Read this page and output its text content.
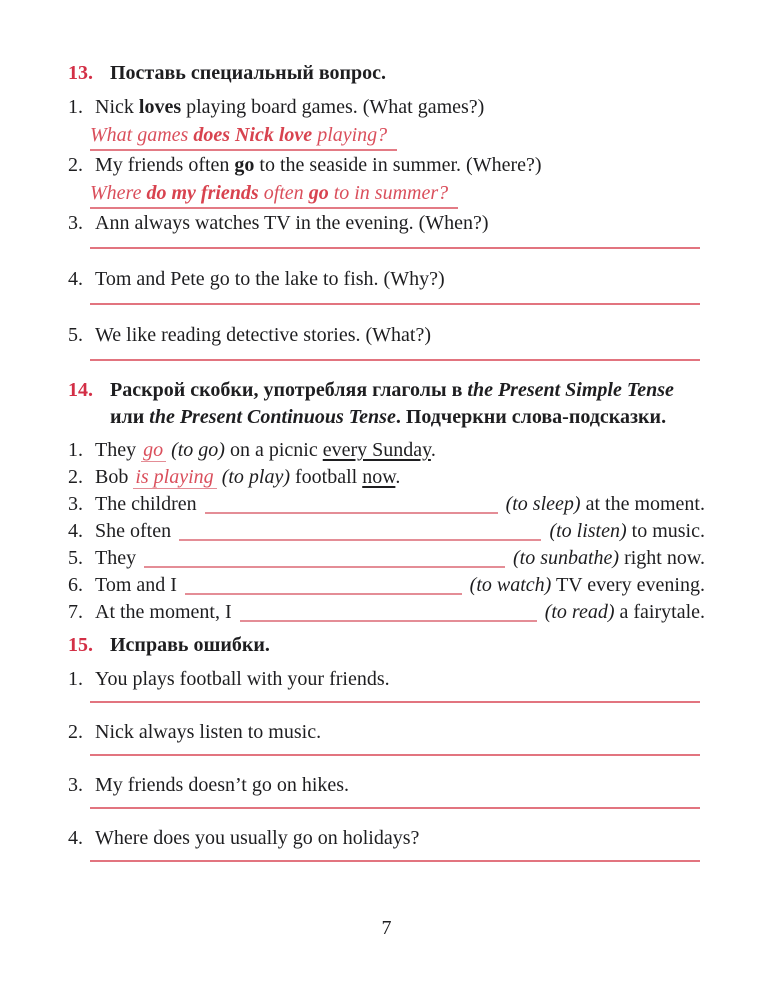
13. Поставь специальный вопрос.
1. Nick loves playing board games. (What games?)
What games does Nick love playing?
2. My friends often go to the seaside in summer. (Where?)
Where do my friends often go to in summer?
3. Ann always watches TV in the evening. (When?)
4. Tom and Pete go to the lake to fish. (Why?)
5. We like reading detective stories. (What?)
14. Раскрой скобки, употребляя глаголы в the Present Simple Tense или the Present Continuous Tense. Подчеркни слова-подсказки.
1. They go (to go) on a picnic every Sunday.
2. Bob is playing (to play) football now.
3. The children	(to sleep) at the moment.
4. She often	(to listen) to music.
5. They	(to sunbathe) right now.
6. Tom and I	(to watch) TV every evening.
7. At the moment, I	(to read) a fairytale.
15. Исправь ошибки.
1. You plays football with your friends.
2. Nick always listen to music.
3. My friends doesn’t go on hikes.
4. Where does you usually go on holidays?
7
